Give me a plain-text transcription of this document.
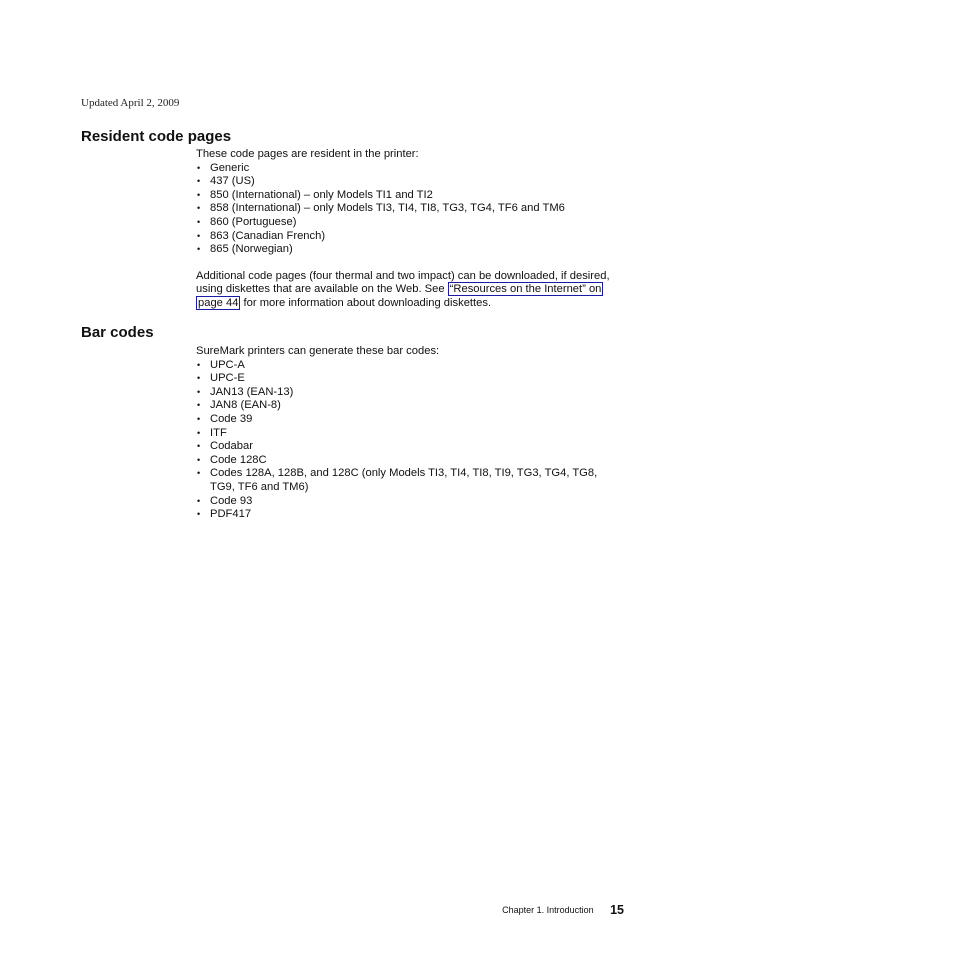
Updated April 2, 2009
Resident code pages

These code pages are resident in the printer:

• Generic
• 437 (US)
• 850 (International) – only Models TI1 and TI2
• 858 (International) – only Models TI3, TI4, TI8, TG3, TG4, TF6 and TM6
• 860 (Portuguese)
• 863 (Canadian French)
• 865 (Norwegian)

Additional code pages (four thermal and two impact) can be downloaded, if desired,
using diskettes that are available on the Web. See “Resources on the Internet” on
page 44 for more information about downloading diskettes.

Bar codes

SureMark printers can generate these bar codes:

• UPC-A
• UPC-E
• JAN13 (EAN-13)
• JAN8 (EAN-8)
• Code 39
• ITF
• Codabar
• Code 128C
• Codes 128A, 128B, and 128C (only Models TI3, TI4, TI8, TI9, TG3, TG4, TG8, TG9, TF6 and TM6)
• Code 93
• PDF417
Chapter 1. Introduction 15
